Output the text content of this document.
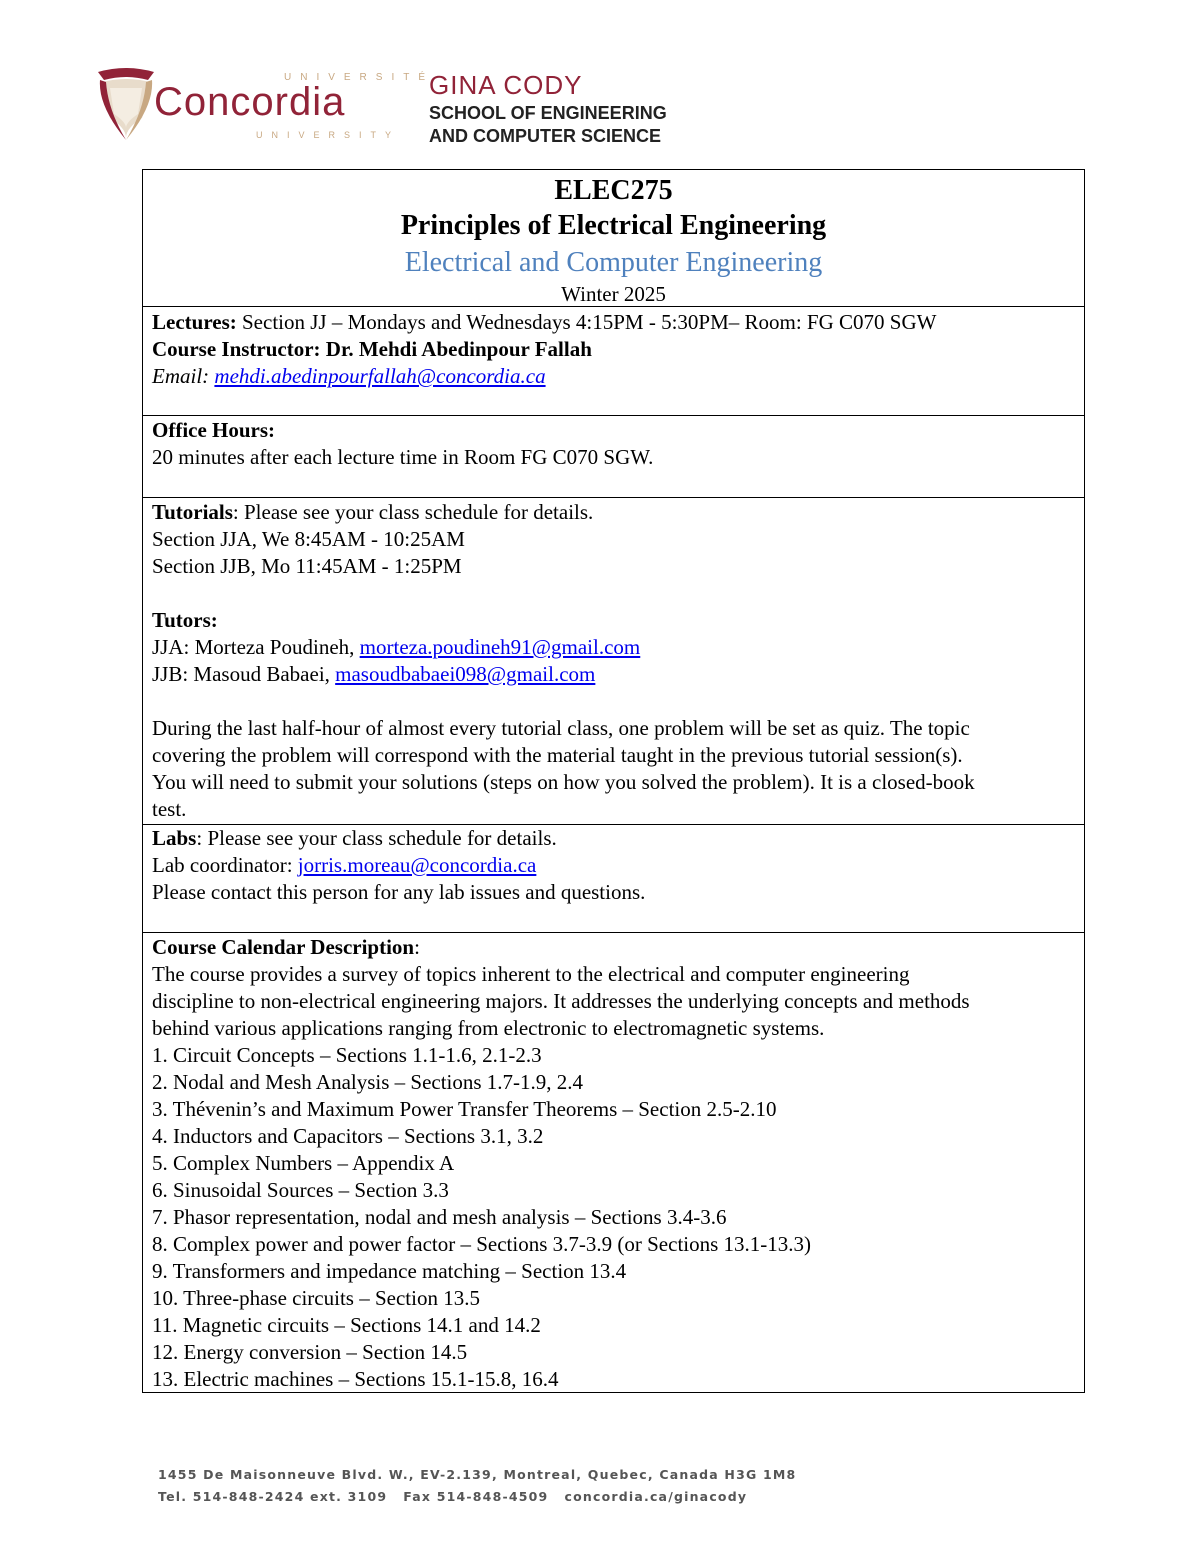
UNIVERSITÉ
Concordia
UNIVERSITY
GINA CODY
SCHOOL OF ENGINEERING
AND COMPUTER SCIENCE
ELEC275
Principles of Electrical Engineering
Electrical and Computer Engineering
Winter 2025
Lectures: Section JJ – Mondays and Wednesdays 4:15PM - 5:30PM– Room: FG C070 SGW
Course Instructor: Dr. Mehdi Abedinpour Fallah
Email: mehdi.abedinpourfallah@concordia.ca
Office Hours:
20 minutes after each lecture time in Room FG C070 SGW.
Tutorials: Please see your class schedule for details.
Section JJA, We 8:45AM - 10:25AM
Section JJB, Mo 11:45AM - 1:25PM
Tutors:
JJA: Morteza Poudineh, morteza.poudineh91@gmail.com
JJB: Masoud Babaei, masoudbabaei098@gmail.com
During the last half-hour of almost every tutorial class, one problem will be set as quiz. The topic
covering the problem will correspond with the material taught in the previous tutorial session(s).
You will need to submit your solutions (steps on how you solved the problem). It is a closed-book
test.
Labs: Please see your class schedule for details.
Lab coordinator: jorris.moreau@concordia.ca
Please contact this person for any lab issues and questions.
Course Calendar Description:
The course provides a survey of topics inherent to the electrical and computer engineering
discipline to non-electrical engineering majors. It addresses the underlying concepts and methods
behind various applications ranging from electronic to electromagnetic systems.
1. Circuit Concepts – Sections 1.1-1.6, 2.1-2.3
2. Nodal and Mesh Analysis – Sections 1.7-1.9, 2.4
3. Thévenin’s and Maximum Power Transfer Theorems – Section 2.5-2.10
4. Inductors and Capacitors – Sections 3.1, 3.2
5. Complex Numbers – Appendix A
6. Sinusoidal Sources – Section 3.3
7. Phasor representation, nodal and mesh analysis – Sections 3.4-3.6
8. Complex power and power factor – Sections 3.7-3.9 (or Sections 13.1-13.3)
9. Transformers and impedance matching – Section 13.4
10. Three-phase circuits – Section 13.5
11. Magnetic circuits – Sections 14.1 and 14.2
12. Energy conversion – Section 14.5
13. Electric machines – Sections 15.1-15.8, 16.4
1455 De Maisonneuve Blvd. W., EV-2.139, Montreal, Quebec, Canada H3G 1M8
Tel. 514-848-2424 ext. 3109 Fax 514-848-4509 concordia.ca/ginacody
